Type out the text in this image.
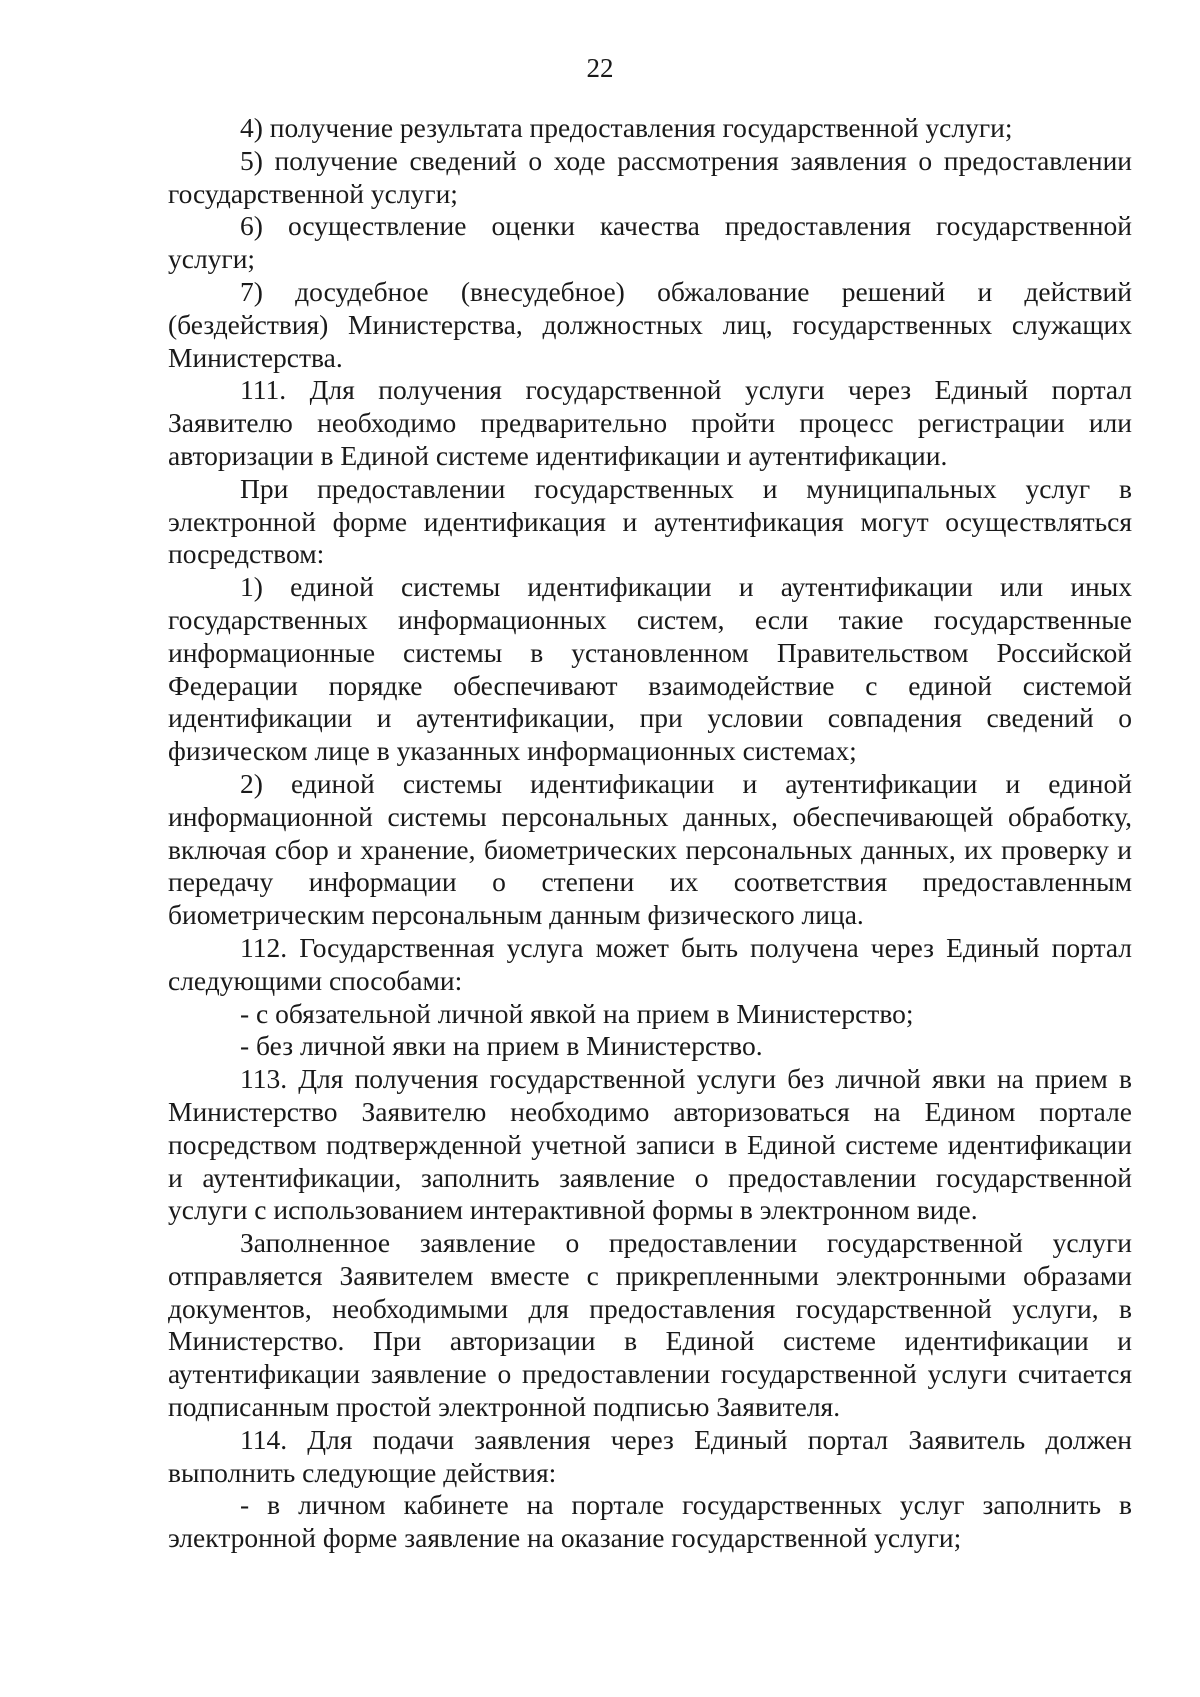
22

4) получение результата предоставления государственной услуги;

5) получение сведений о ходе рассмотрения заявления о предоставлении государственной услуги;

6) осуществление оценки качества предоставления государственной услуги;

7) досудебное (внесудебное) обжалование решений и действий (бездействия) Министерства, должностных лиц, государственных служащих Министерства.

111. Для получения государственной услуги через Единый портал Заявителю необходимо предварительно пройти процесс регистрации или авторизации в Единой системе идентификации и аутентификации.

При предоставлении государственных и муниципальных услуг в электронной форме идентификация и аутентификация могут осуществляться посредством:

1) единой системы идентификации и аутентификации или иных государственных информационных систем, если такие государственные информационные системы в установленном Правительством Российской Федерации порядке обеспечивают взаимодействие с единой системой идентификации и аутентификации, при условии совпадения сведений о физическом лице в указанных информационных системах;

2) единой системы идентификации и аутентификации и единой информационной системы персональных данных, обеспечивающей обработку, включая сбор и хранение, биометрических персональных данных, их проверку и передачу информации о степени их соответствия предоставленным биометрическим персональным данным физического лица.

112. Государственная услуга может быть получена через Единый портал следующими способами:

- с обязательной личной явкой на прием в Министерство;

- без личной явки на прием в Министерство.

113. Для получения государственной услуги без личной явки на прием в Министерство Заявителю необходимо авторизоваться на Едином портале посредством подтвержденной учетной записи в Единой системе идентификации и аутентификации, заполнить заявление о предоставлении государственной услуги с использованием интерактивной формы в электронном виде.

Заполненное заявление о предоставлении государственной услуги отправляется Заявителем вместе с прикрепленными электронными образами документов, необходимыми для предоставления государственной услуги, в Министерство. При авторизации в Единой системе идентификации и аутентификации заявление о предоставлении государственной услуги считается подписанным простой электронной подписью Заявителя.

114. Для подачи заявления через Единый портал Заявитель должен выполнить следующие действия:

- в личном кабинете на портале государственных услуг заполнить в электронной форме заявление на оказание государственной услуги;
